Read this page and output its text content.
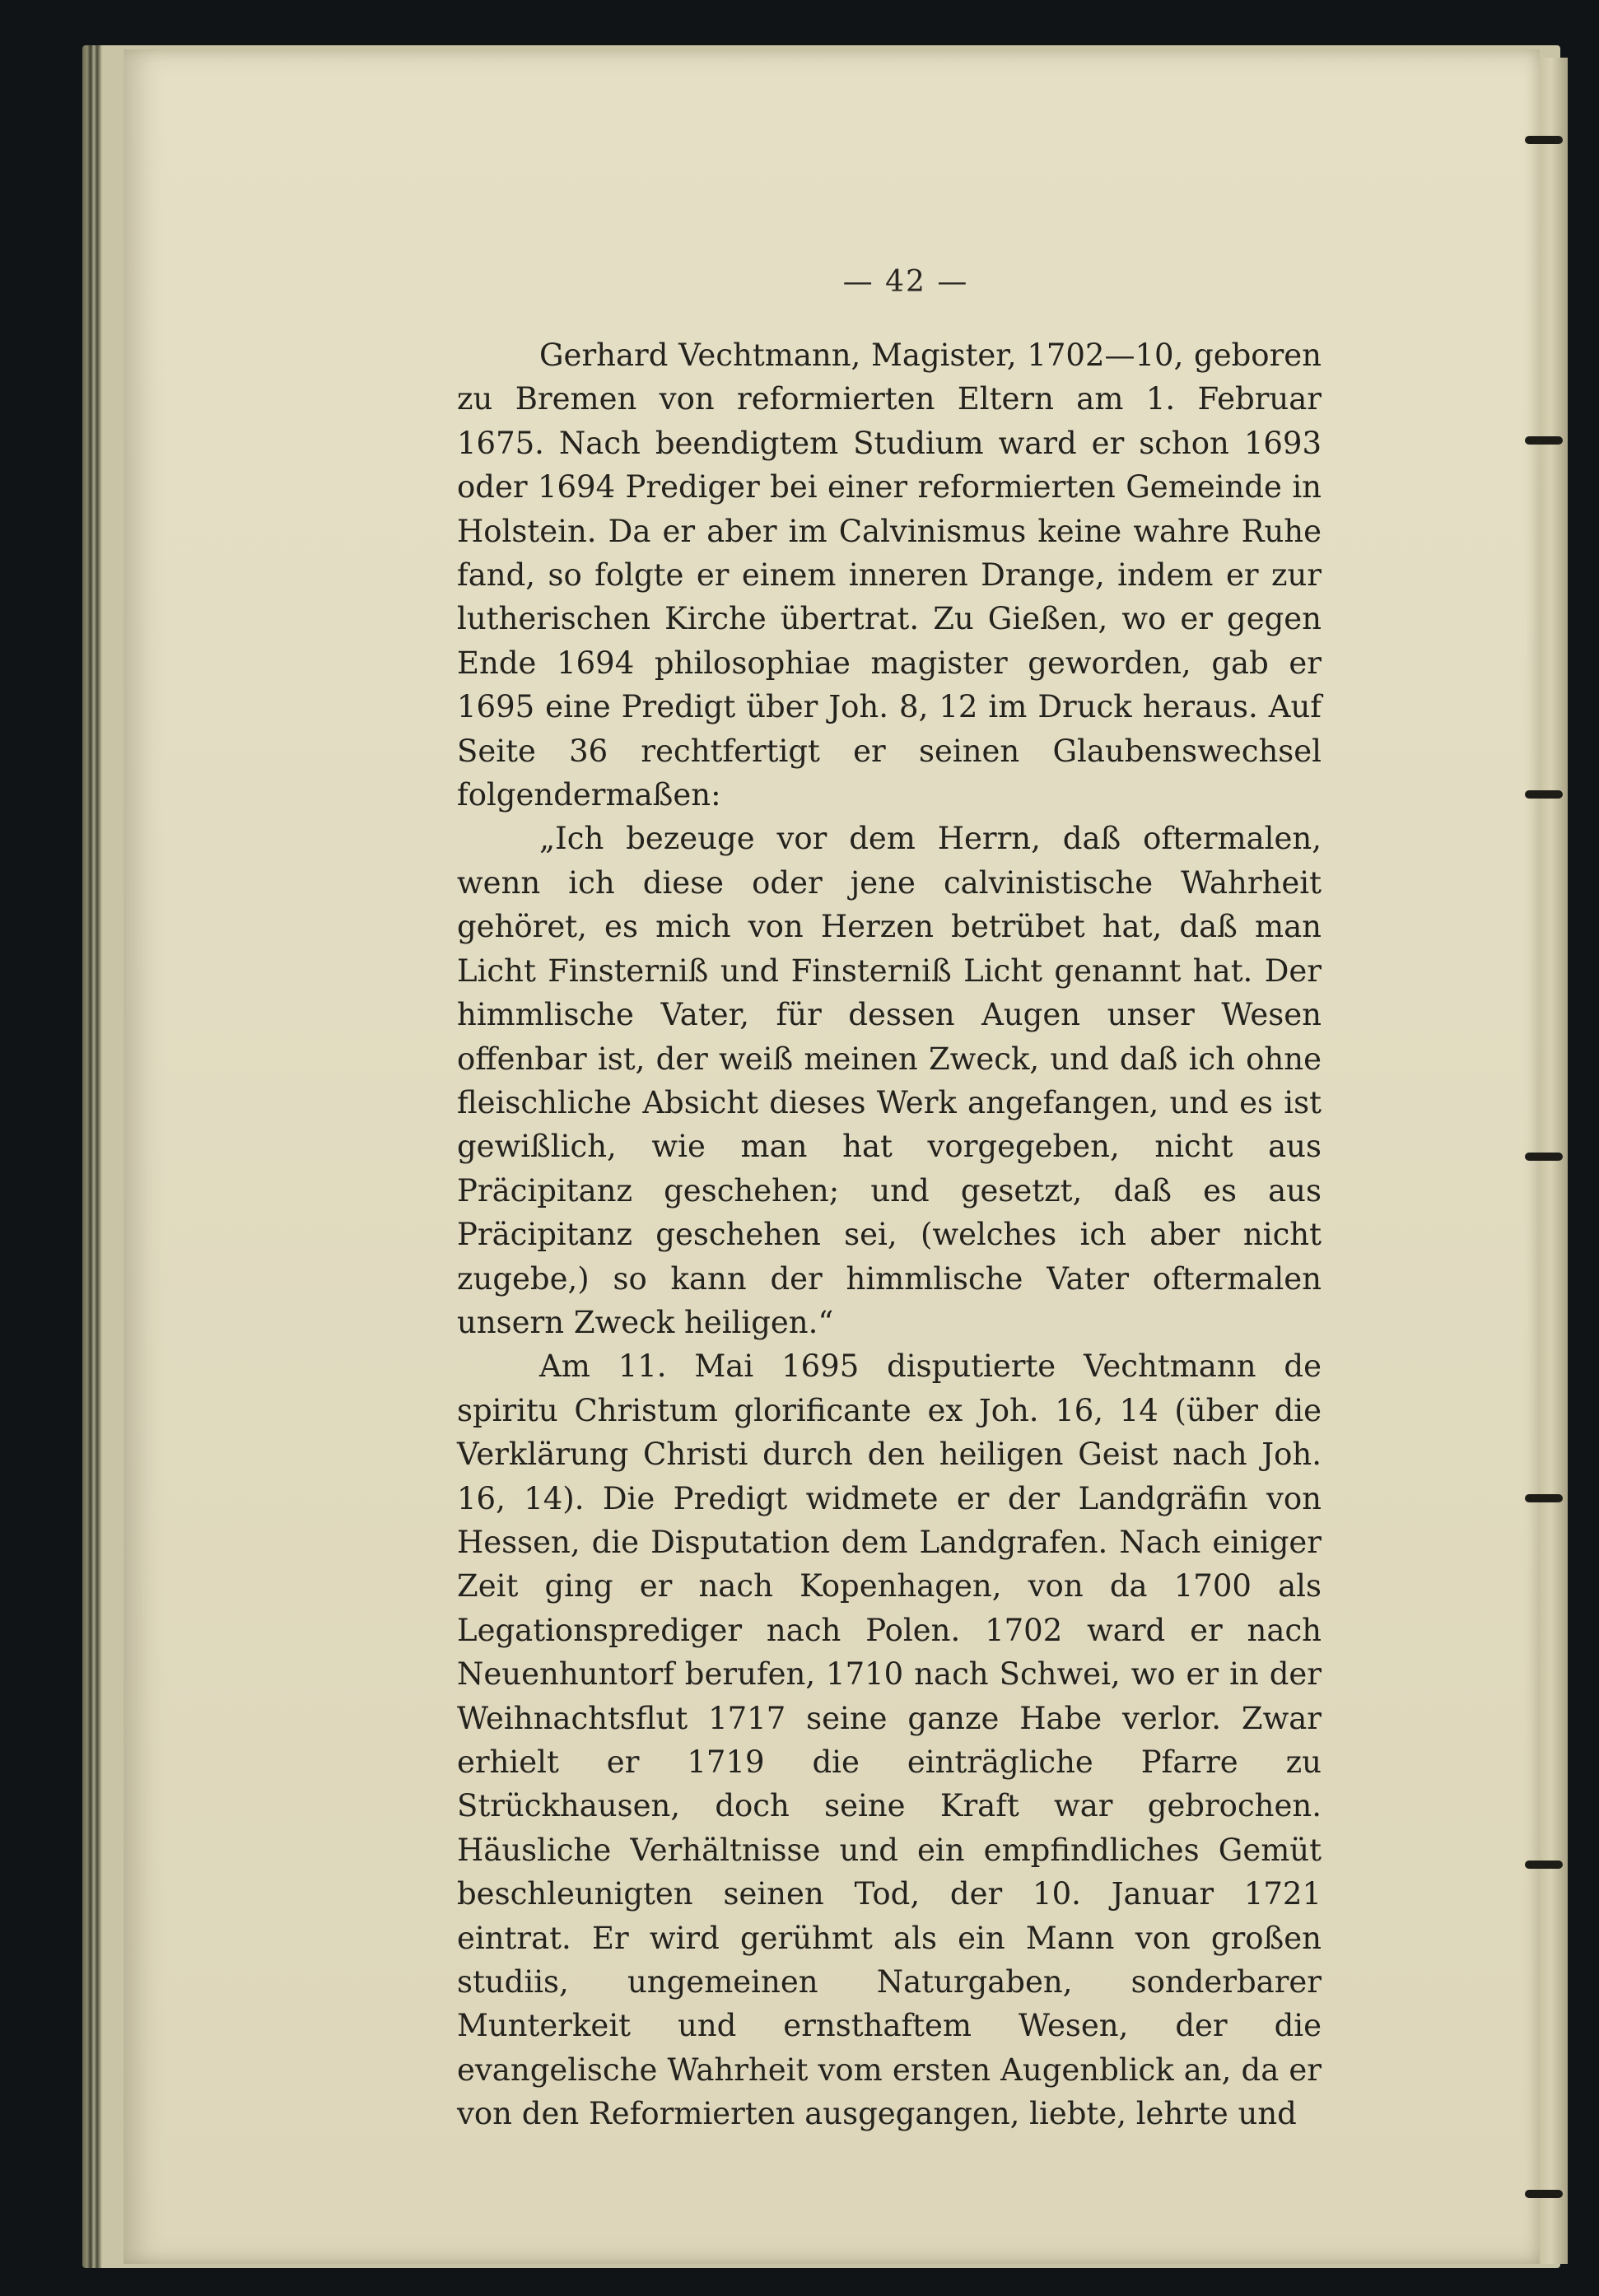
— 42 —

Gerhard Vechtmann, Magister, 1702—10, geboren zu Bremen von reformierten Eltern am 1. Februar 1675. Nach beendigtem Studium ward er schon 1693 oder 1694 Prediger bei einer reformierten Gemeinde in Holstein. Da er aber im Calvinismus keine wahre Ruhe fand, so folgte er einem inneren Drange, indem er zur lutherischen Kirche übertrat. Zu Gießen, wo er gegen Ende 1694 philosophiae magister geworden, gab er 1695 eine Predigt über Joh. 8, 12 im Druck heraus. Auf Seite 36 rechtfertigt er seinen Glaubenswechsel folgendermaßen:

„Ich bezeuge vor dem Herrn, daß oftermalen, wenn ich diese oder jene calvinistische Wahrheit gehöret, es mich von Herzen betrübet hat, daß man Licht Finsterniß und Finsterniß Licht genannt hat. Der himmlische Vater, für dessen Augen unser Wesen offenbar ist, der weiß meinen Zweck, und daß ich ohne fleischliche Absicht dieses Werk angefangen, und es ist gewißlich, wie man hat vorgegeben, nicht aus Präcipitanz geschehen; und gesetzt, daß es aus Präcipitanz geschehen sei, (welches ich aber nicht zugebe,) so kann der himmlische Vater oftermalen unsern Zweck heiligen.“

Am 11. Mai 1695 disputierte Vechtmann de spiritu Christum glorificante ex Joh. 16, 14 (über die Verklärung Christi durch den heiligen Geist nach Joh. 16, 14). Die Predigt widmete er der Landgräfin von Hessen, die Disputation dem Landgrafen. Nach einiger Zeit ging er nach Kopenhagen, von da 1700 als Legationsprediger nach Polen. 1702 ward er nach Neuenhuntorf berufen, 1710 nach Schwei, wo er in der Weihnachtsflut 1717 seine ganze Habe verlor. Zwar erhielt er 1719 die einträgliche Pfarre zu Strückhausen, doch seine Kraft war gebrochen. Häusliche Verhältnisse und ein empfindliches Gemüt beschleunigten seinen Tod, der 10. Januar 1721 eintrat. Er wird gerühmt als ein Mann von großen studiis, ungemeinen Naturgaben, sonderbarer Munterkeit und ernsthaftem Wesen, der die evangelische Wahrheit vom ersten Augenblick an, da er von den Reformierten ausgegangen, liebte, lehrte und
